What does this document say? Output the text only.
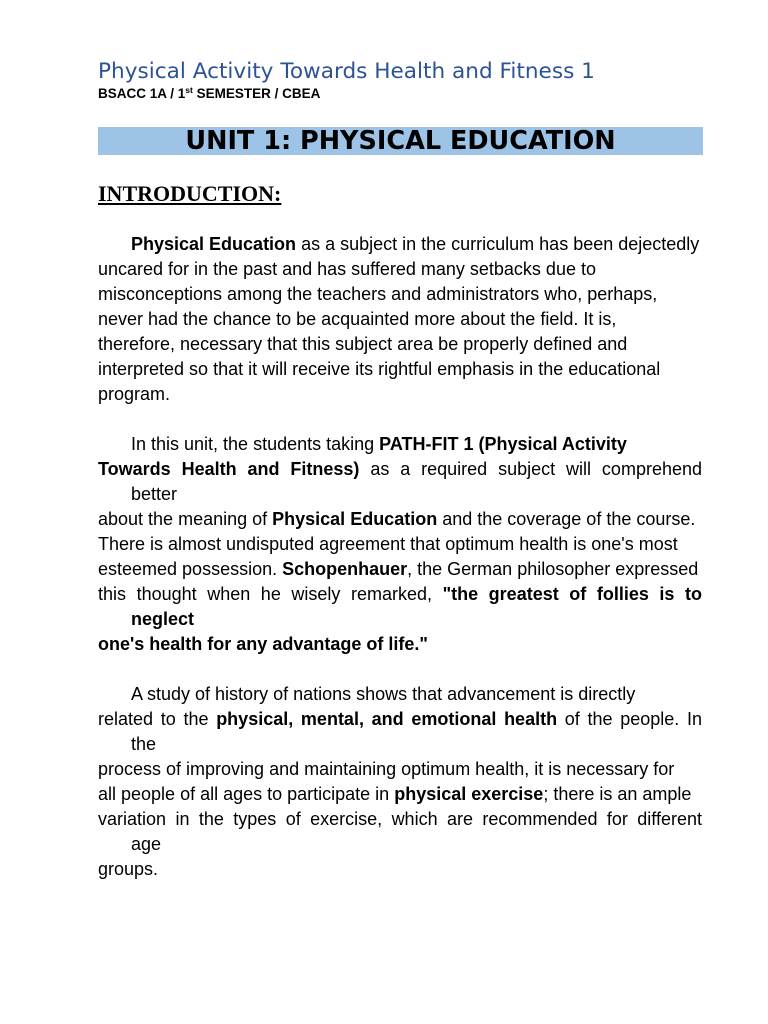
Physical Activity Towards Health and Fitness 1
BSACC 1A / 1st SEMESTER / CBEA
UNIT 1: PHYSICAL EDUCATION
INTRODUCTION:
Physical Education as a subject in the curriculum has been dejectedly
uncared for in the past and has suffered many setbacks due to
misconceptions among the teachers and administrators who, perhaps,
never had the chance to be acquainted more about the field. It is,
therefore, necessary that this subject area be properly defined and
interpreted so that it will receive its rightful emphasis in the educational
program.
In this unit, the students taking PATH-FIT 1 (Physical Activity
Towards Health and Fitness) as a required subject will comprehend
better
about the meaning of Physical Education and the coverage of the course.
There is almost undisputed agreement that optimum health is one's most
esteemed possession. Schopenhauer, the German philosopher expressed
this thought when he wisely remarked, "the greatest of follies is to
neglect
one's health for any advantage of life."
A study of history of nations shows that advancement is directly
related to the physical, mental, and emotional health of the people. In
the
process of improving and maintaining optimum health, it is necessary for
all people of all ages to participate in physical exercise; there is an ample
variation in the types of exercise, which are recommended for different
age
groups.
